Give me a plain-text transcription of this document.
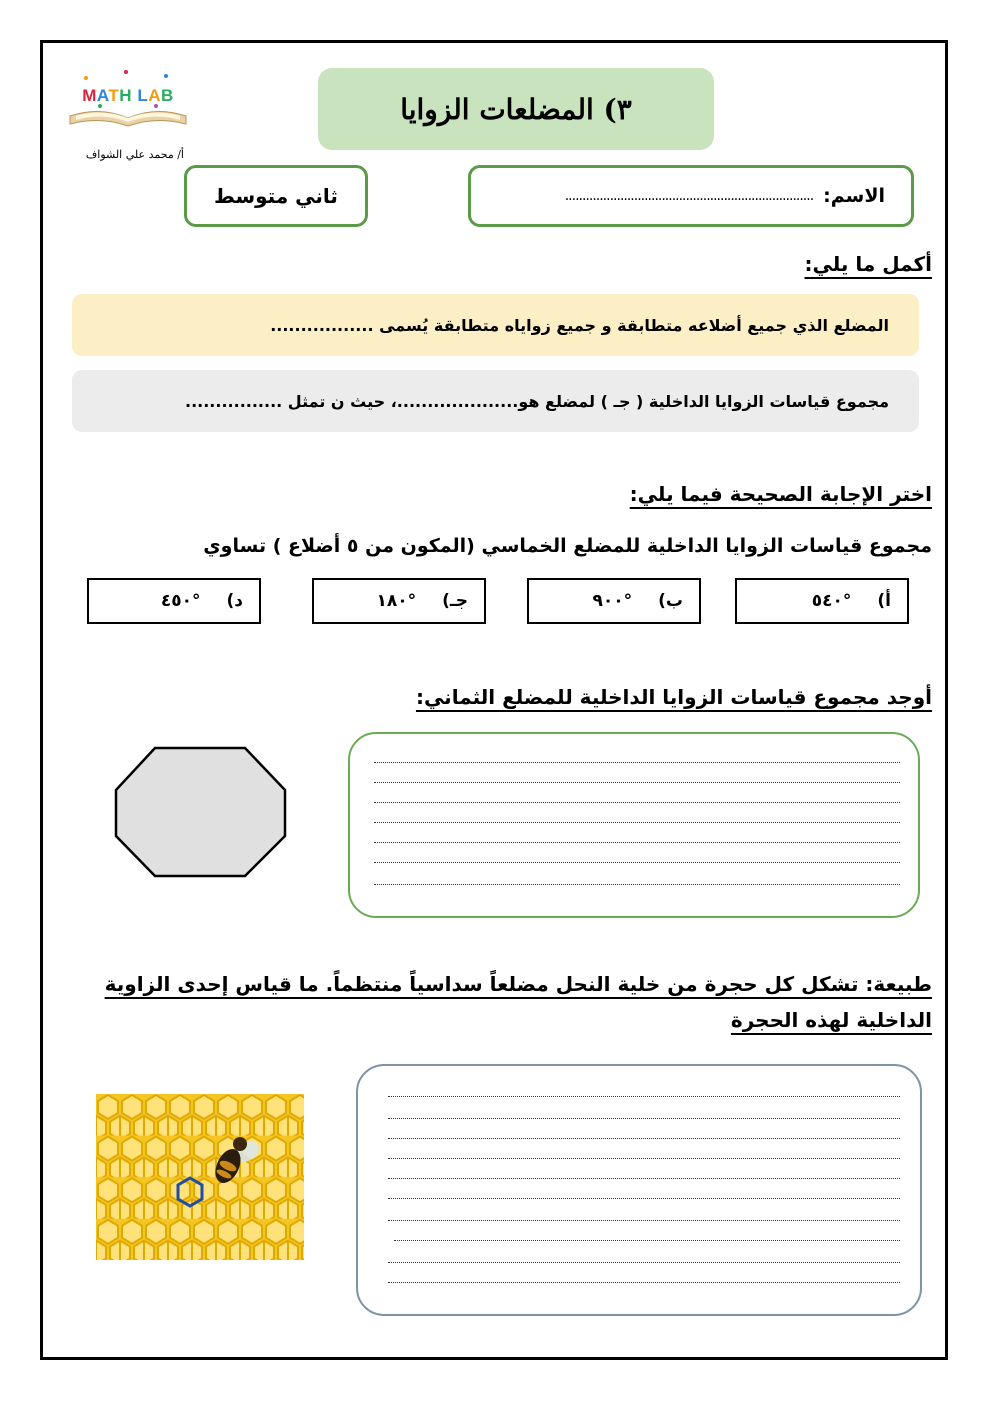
MATH LAB
أ/ محمد علي الشواف
٣) المضلعات الزوايا
ثاني متوسط	الاسم:
........................................................................
أكمل ما يلي:
المضلع الذي جميع أضلاعه متطابقة و جميع زواياه متطابقة يُسمى .................
مجموع قياسات الزوايا الداخلية ( جـ ) لمضلع هو....................، حيث ن تمثل ................
اختر الإجابة الصحيحة فيما يلي:
مجموع قياسات الزوايا الداخلية للمضلع الخماسي (المكون من ٥ أضلاع ) تساوي
أ)
°٥٤٠
ب)
°٩٠٠
جـ)
°١٨٠
د)
°٤٥٠
أوجد مجموع قياسات الزوايا الداخلية للمضلع الثماني:
طبيعة: تشكل كل حجرة من خلية النحل مضلعاً سداسياً منتظماً. ما قياس إحدى الزاوية الداخلية لهذه الحجرة
